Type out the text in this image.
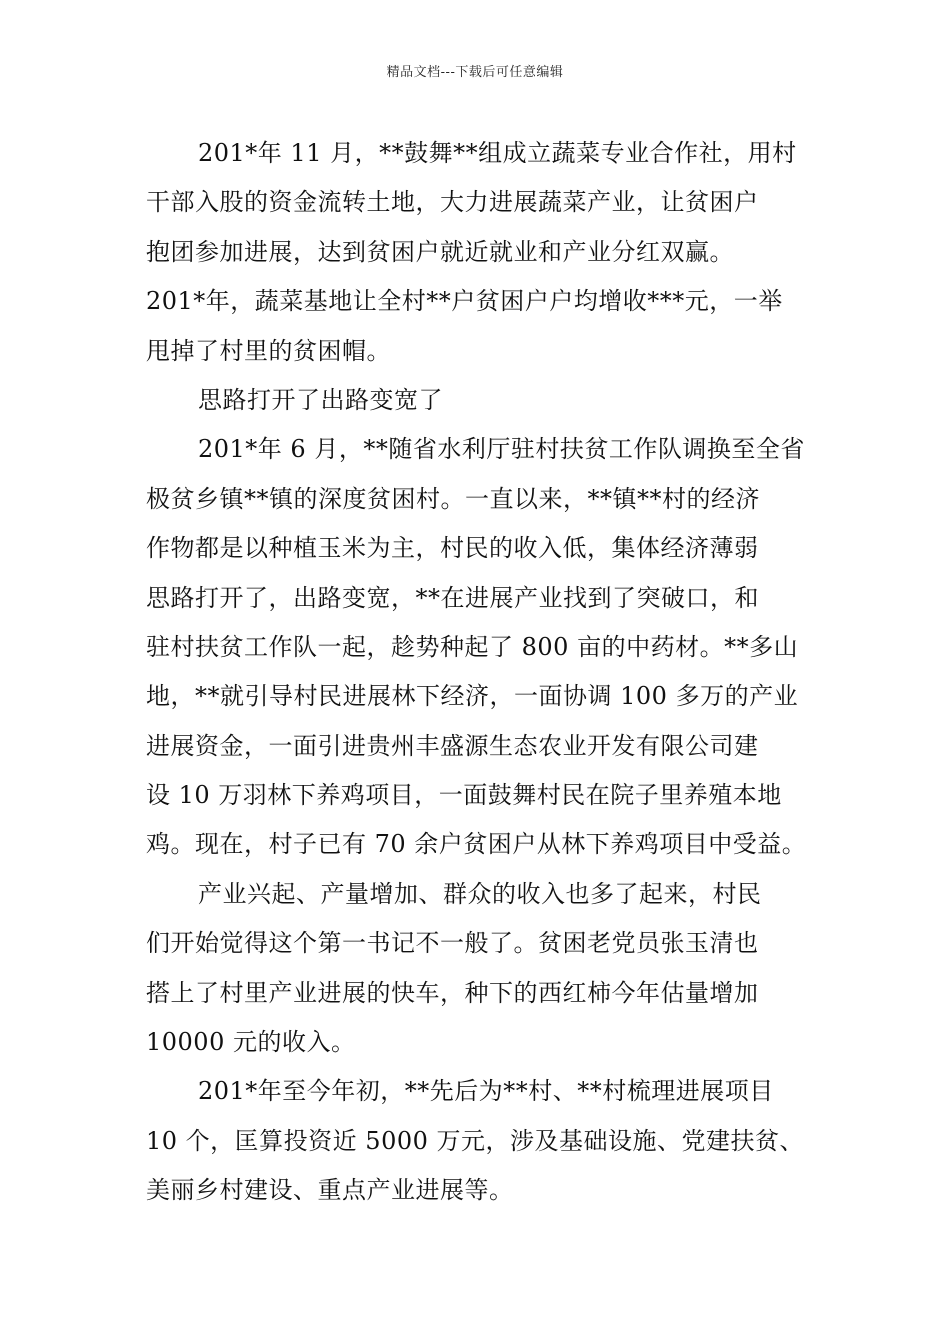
精品文档---下载后可任意编辑
201*年 11 月，**鼓舞**组成立蔬菜专业合作社，用村
干部入股的资金流转土地，大力进展蔬菜产业，让贫困户
抱团参加进展，达到贫困户就近就业和产业分红双赢。
201*年，蔬菜基地让全村**户贫困户户均增收***元，一举
甩掉了村里的贫困帽。
思路打开了出路变宽了
201*年 6 月，**随省水利厅驻村扶贫工作队调换至全省
极贫乡镇**镇的深度贫困村。一直以来，**镇**村的经济
作物都是以种植玉米为主，村民的收入低，集体经济薄弱
思路打开了，出路变宽，**在进展产业找到了突破口，和
驻村扶贫工作队一起，趁势种起了 800 亩的中药材。**多山
地，**就引导村民进展林下经济，一面协调 100 多万的产业
进展资金，一面引进贵州丰盛源生态农业开发有限公司建
设 10 万羽林下养鸡项目，一面鼓舞村民在院子里养殖本地
鸡。现在，村子已有 70 余户贫困户从林下养鸡项目中受益。
产业兴起、产量增加、群众的收入也多了起来，村民
们开始觉得这个第一书记不一般了。贫困老党员张玉清也
搭上了村里产业进展的快车，种下的西红柿今年估量增加
10000 元的收入。
201*年至今年初，**先后为**村、**村梳理进展项目
10 个，匡算投资近 5000 万元，涉及基础设施、党建扶贫、
美丽乡村建设、重点产业进展等。
